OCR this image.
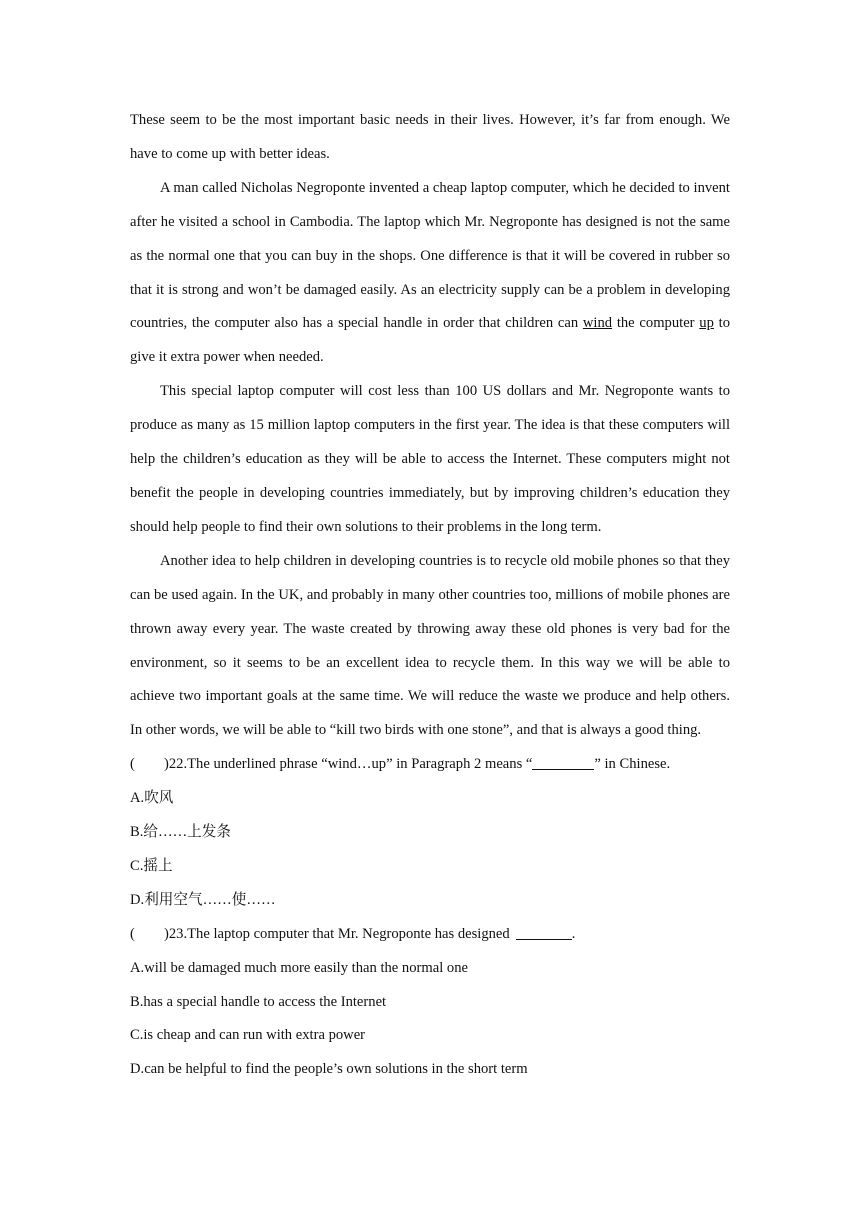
These seem to be the most important basic needs in their lives. However, it’s far from enough. We have to come up with better ideas.

A man called Nicholas Negroponte invented a cheap laptop computer, which he decided to invent after he visited a school in Cambodia. The laptop which Mr. Negroponte has designed is not the same as the normal one that you can buy in the shops. One difference is that it will be covered in rubber so that it is strong and won’t be damaged easily. As an electricity supply can be a problem in developing countries, the computer also has a special handle in order that children can wind the computer up to give it extra power when needed.

This special laptop computer will cost less than 100 US dollars and Mr. Negroponte wants to produce as many as 15 million laptop computers in the first year. The idea is that these computers will help the children’s education as they will be able to access the Internet. These computers might not benefit the people in developing countries immediately, but by improving children’s education they should help people to find their own solutions to their problems in the long term.

Another idea to help children in developing countries is to recycle old mobile phones so that they can be used again. In the UK, and probably in many other countries too, millions of mobile phones are thrown away every year. The waste created by throwing away these old phones is very bad for the environment, so it seems to be an excellent idea to recycle them. In this way we will be able to achieve two important goals at the same time. We will reduce the waste we produce and help others. In other words, we will be able to “kill two birds with one stone”, and that is always a good thing.

( )22.The underlined phrase “wind…up” in Paragraph 2 means “	” in Chinese.

A.吹风

B.给……上发条

C.摇上

D.利用空气……使……

( )23.The laptop computer that Mr. Negroponte has designed	.

A.will be damaged much more easily than the normal one

B.has a special handle to access the Internet

C.is cheap and can run with extra power

D.can be helpful to find the people’s own solutions in the short term
